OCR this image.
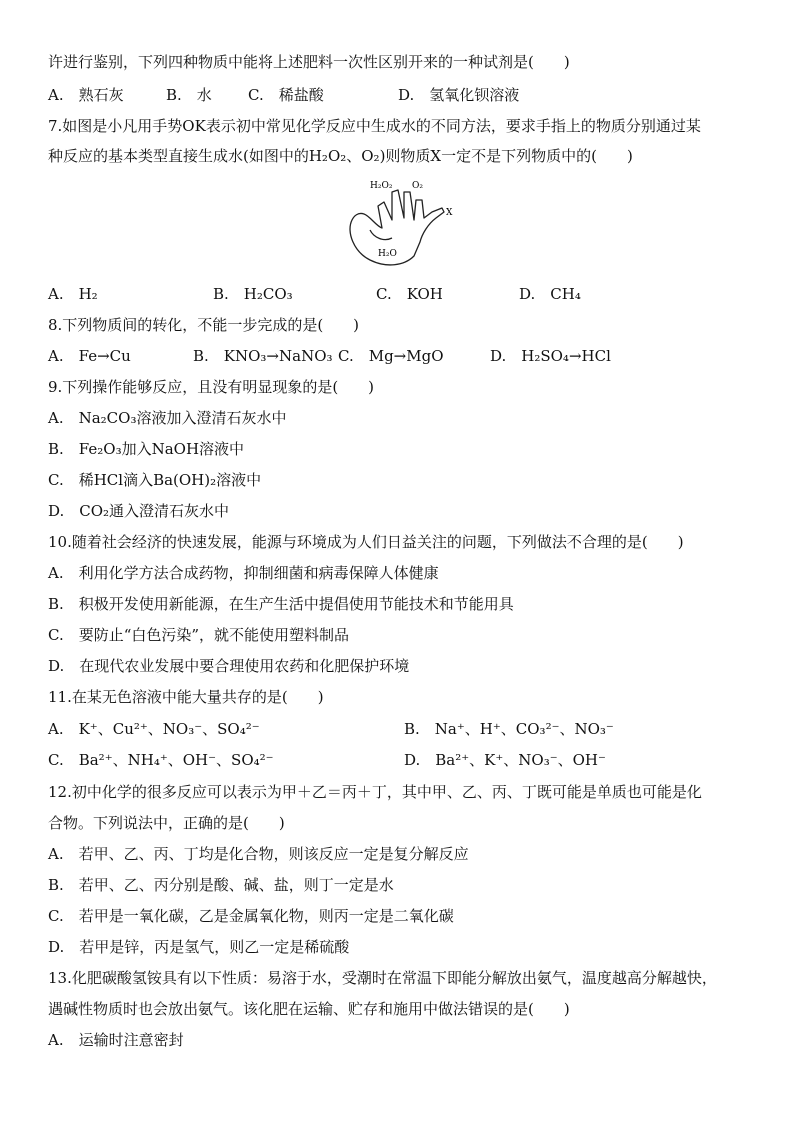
许进行鉴别，下列四种物质中能将上述肥料一次性区别开来的一种试剂是(　　)
A.　熟石灰	B.　水 C.　稀盐酸	D.　氢氧化钡溶液
7.如图是小凡用手势OK表示初中常见化学反应中生成水的不同方法，要求手指上的物质分别通过某
种反应的基本类型直接生成水(如图中的H₂O₂、O₂)则物质X一定不是下列物质中的(　　)
H₂O₂ O₂
X
H₂O
A.　H₂	B.　H₂CO₃	C.　KOH	D.　CH₄
8.下列物质间的转化，不能一步完成的是(　　)
A.　Fe→Cu	B.　KNO₃→NaNO₃ C.　Mg→MgO	D.　H₂SO₄→HCl
9.下列操作能够反应，且没有明显现象的是(　　)
A.　Na₂CO₃溶液加入澄清石灰水中
B.　Fe₂O₃加入NaOH溶液中
C.　稀HCl滴入Ba(OH)₂溶液中
D.　CO₂通入澄清石灰水中
10.随着社会经济的快速发展，能源与环境成为人们日益关注的问题，下列做法不合理的是(　　)
A.　利用化学方法合成药物，抑制细菌和病毒保障人体健康
B.　积极开发使用新能源，在生产生活中提倡使用节能技术和节能用具
C.　要防止“白色污染”，就不能使用塑料制品
D.　在现代农业发展中要合理使用农药和化肥保护环境
11.在某无色溶液中能大量共存的是(　　)
A.　K⁺、Cu²⁺、NO₃⁻、SO₄²⁻	B.　Na⁺、H⁺、CO₃²⁻、NO₃⁻
C.　Ba²⁺、NH₄⁺、OH⁻、SO₄²⁻	D.　Ba²⁺、K⁺、NO₃⁻、OH⁻
12.初中化学的很多反应可以表示为甲＋乙＝丙＋丁，其中甲、乙、丙、丁既可能是单质也可能是化
合物。下列说法中，正确的是(　　)
A.　若甲、乙、丙、丁均是化合物，则该反应一定是复分解反应
B.　若甲、乙、丙分别是酸、碱、盐，则丁一定是水
C.　若甲是一氧化碳，乙是金属氧化物，则丙一定是二氧化碳
D.　若甲是锌，丙是氢气，则乙一定是稀硫酸
13.化肥碳酸氢铵具有以下性质：易溶于水，受潮时在常温下即能分解放出氨气，温度越高分解越快，
遇碱性物质时也会放出氨气。该化肥在运输、贮存和施用中做法错误的是(　　)
A.　运输时注意密封
